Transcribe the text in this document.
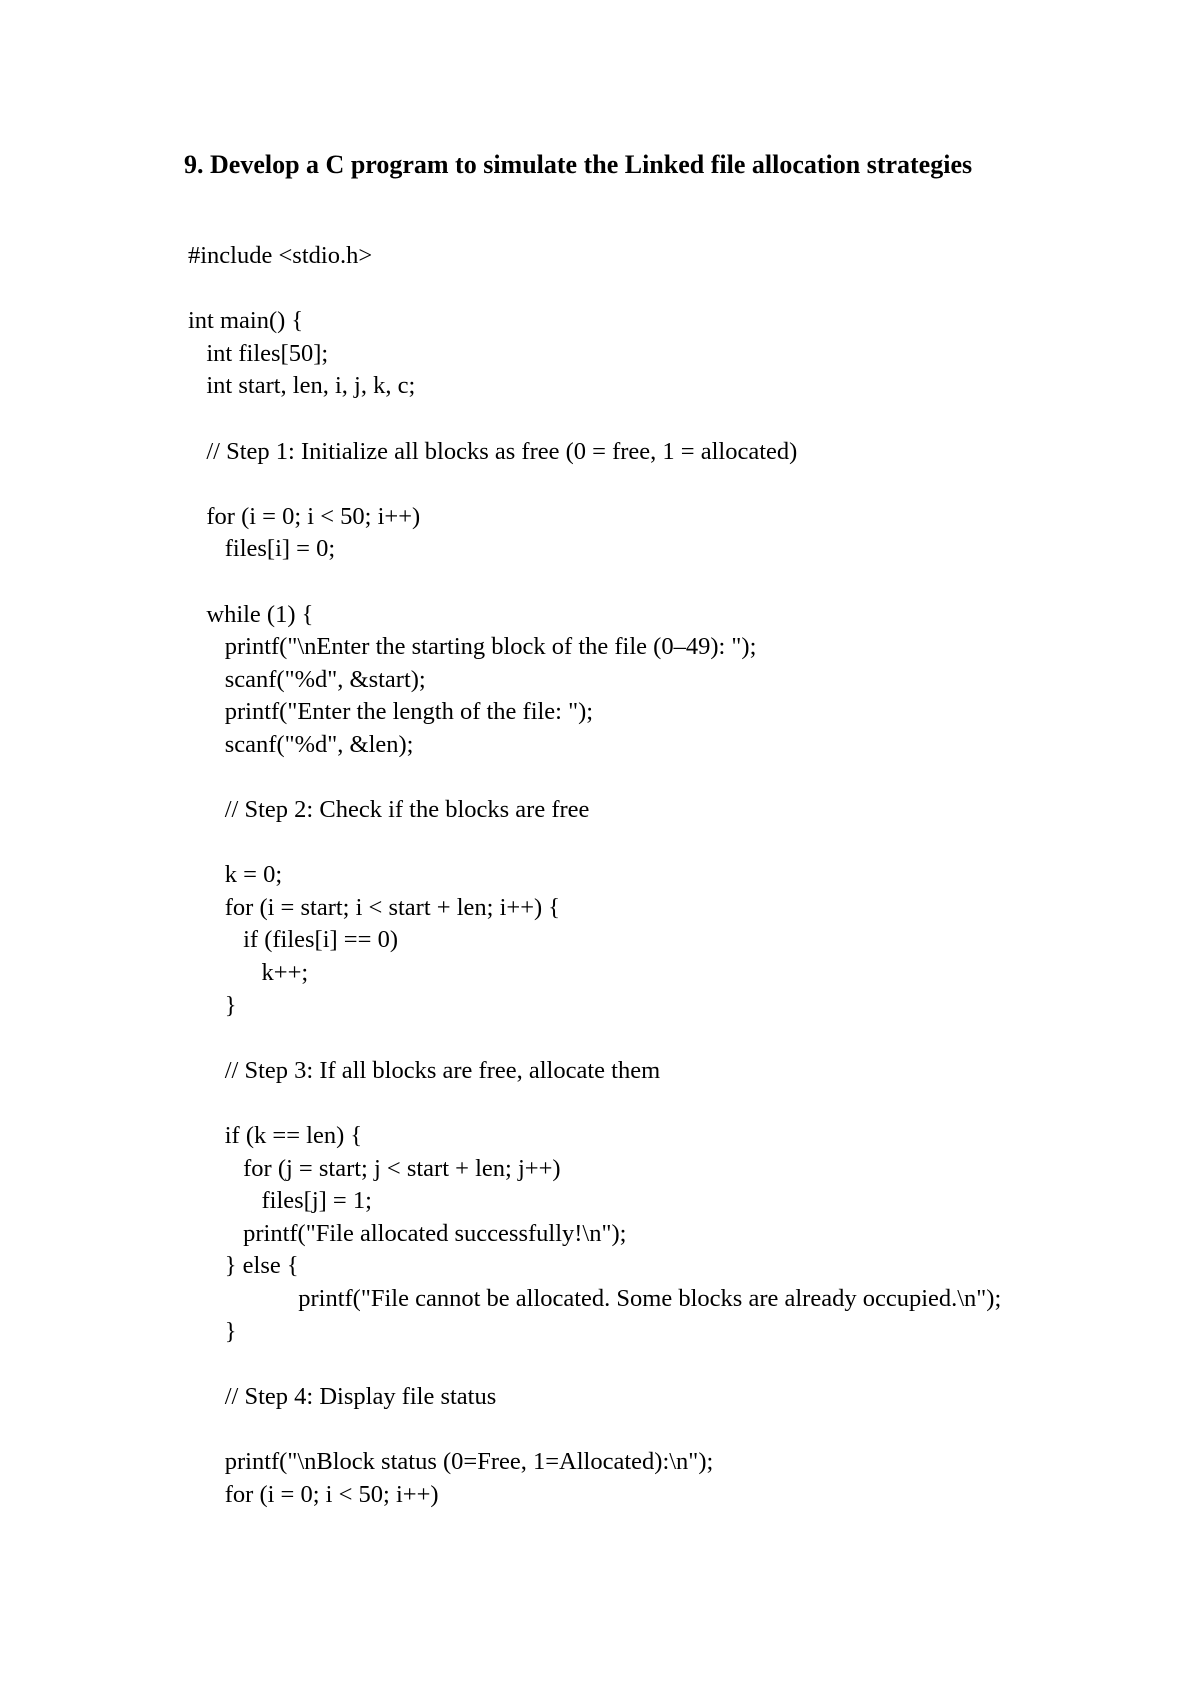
9. Develop a C program to simulate the Linked file allocation strategies
#include <stdio.h>
int main() {
int files[50];
int start, len, i, j, k, c;
// Step 1: Initialize all blocks as free (0 = free, 1 = allocated)
for (i = 0; i < 50; i++)
files[i] = 0;
while (1) {
printf("\nEnter the starting block of the file (0–49): ");
scanf("%d", &start);
printf("Enter the length of the file: ");
scanf("%d", &len);
// Step 2: Check if the blocks are free
k = 0;
for (i = start; i < start + len; i++) {
if (files[i] == 0)
k++;
}
// Step 3: If all blocks are free, allocate them
if (k == len) {
for (j = start; j < start + len; j++)
files[j] = 1;
printf("File allocated successfully!\n");
} else {
printf("File cannot be allocated. Some blocks are already occupied.\n");
}
// Step 4: Display file status
printf("\nBlock status (0=Free, 1=Allocated):\n");
for (i = 0; i < 50; i++)
